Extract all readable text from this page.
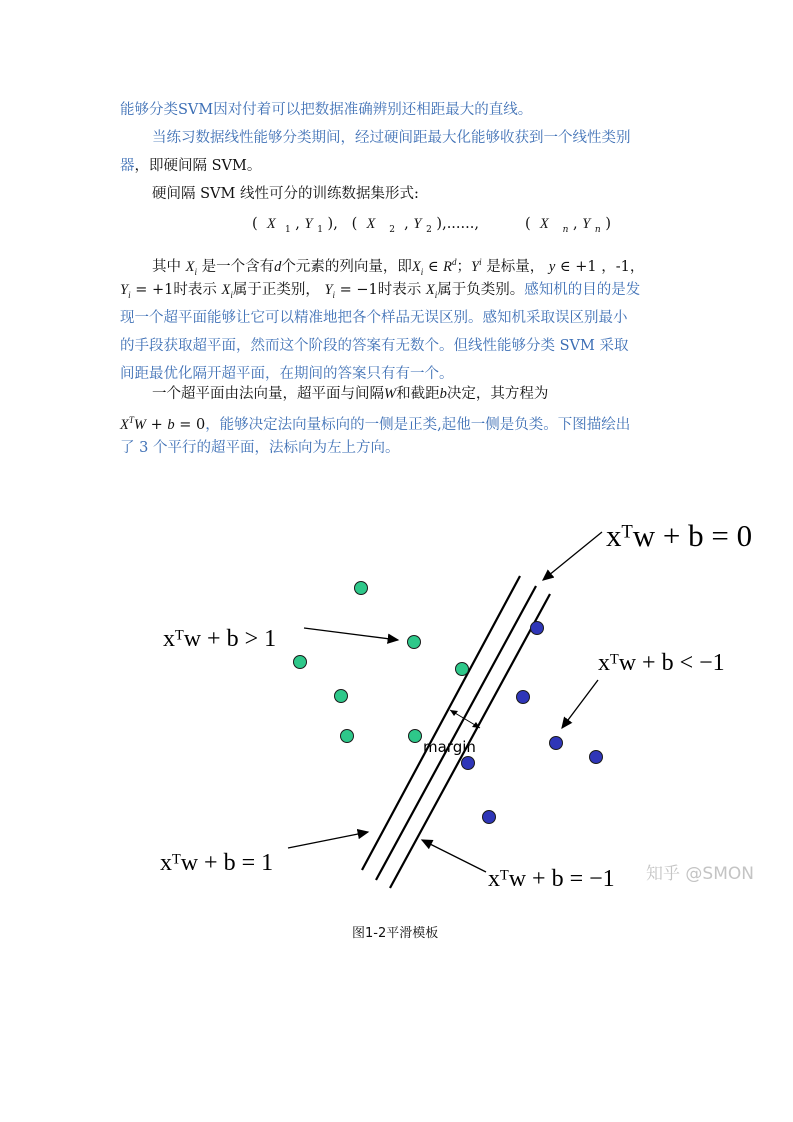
能够分类SVM因对付着可以把数据准确辨别还相距最大的直线。
当练习数据线性能够分类期间，经过硬间距最大化能够收获到一个线性类别
器，即硬间隔 SVM。
硬间隔 SVM 线性可分的训练数据集形式:
(  X $_1$ , Y $_1$ ),   (  X $_2$  , Y $_2$ ),......,          (  X $_n$ , Y $_n$ )
其中 $X_i$ 是一个含有d个元素的列向量，即$X_i$ ∈ $R^d$；$Y^i$ 是标量， y ∈ +1 ，-1，
$Y_i = +1$时表示 $X_i$属于正类别， $Y_i = -1$时表示 $X_i$属于负类别。感知机的目的是发
现一个超平面能够让它可以精准地把各个样品无误区别。感知机采取误区别最小
的手段获取超平面，然而这个阶段的答案有无数个。但线性能够分类 SVM 采取
间距最优化隔开超平面，在期间的答案只有有一个。
一个超平面由法向量，超平面与间隔W和截距b决定，其方程为
$X^TW + b = 0$，能够决定法向量标向的一侧是正类,起他一侧是负类。下图描绘出
了 3 个平行的超平面，法标向为左上方向。
margin
xᵀw + b = 0
xᵀw + b > 1
xᵀw + b < −1
xᵀw + b = 1
xᵀw + b = −1 知乎 @SMON
图1-2平滑模板
